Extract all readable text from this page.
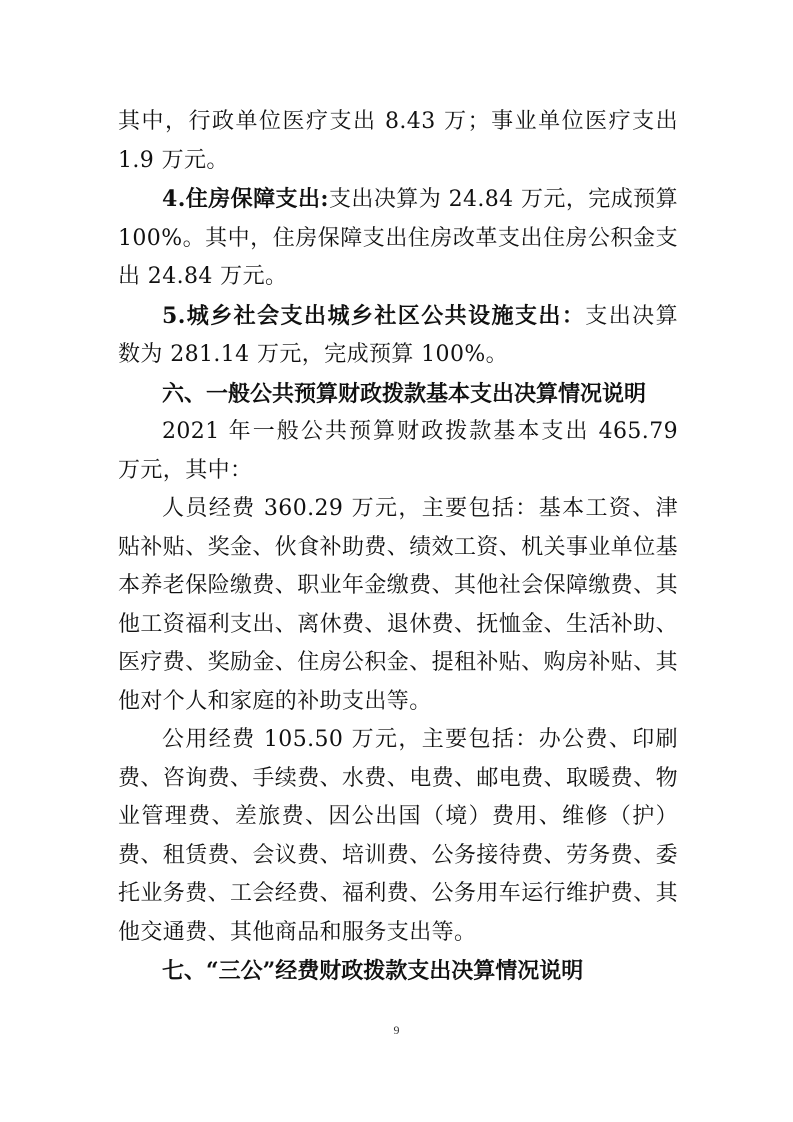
其中，行政单位医疗支出 8.43 万；事业单位医疗支出 1.9 万元。

4.住房保障支出:支出决算为 24.84 万元，完成预算 100%。其中，住房保障支出住房改革支出住房公积金支出 24.84 万元。

5.城乡社会支出城乡社区公共设施支出：支出决算数为 281.14 万元，完成预算 100%。

六、一般公共预算财政拨款基本支出决算情况说明

2021 年一般公共预算财政拨款基本支出 465.79 万元，其中：

人员经费 360.29 万元，主要包括：基本工资、津贴补贴、奖金、伙食补助费、绩效工资、机关事业单位基本养老保险缴费、职业年金缴费、其他社会保障缴费、其他工资福利支出、离休费、退休费、抚恤金、生活补助、医疗费、奖励金、住房公积金、提租补贴、购房补贴、其他对个人和家庭的补助支出等。

公用经费 105.50 万元，主要包括：办公费、印刷费、咨询费、手续费、水费、电费、邮电费、取暖费、物业管理费、差旅费、因公出国（境）费用、维修（护）费、租赁费、会议费、培训费、公务接待费、劳务费、委托业务费、工会经费、福利费、公务用车运行维护费、其他交通费、其他商品和服务支出等。

七、“三公”经费财政拨款支出决算情况说明

9
